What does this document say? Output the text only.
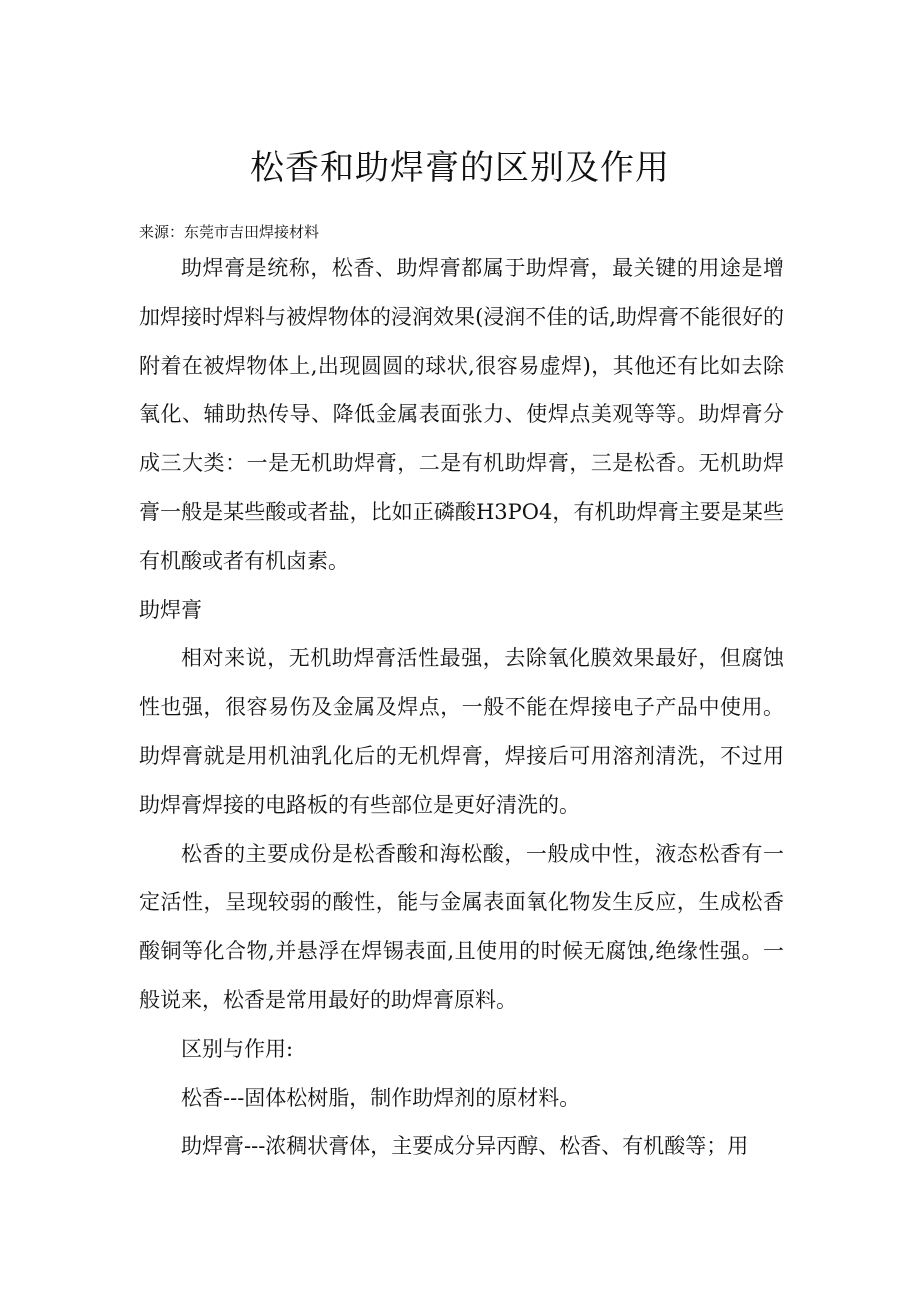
松香和助焊膏的区别及作用
来源：东莞市吉田焊接材料

助焊膏是统称，松香、助焊膏都属于助焊膏，最关键的用途是增加焊接时焊料与被焊物体的浸润效果(浸润不佳的话,助焊膏不能很好的附着在被焊物体上,出现圆圆的球状,很容易虚焊)，其他还有比如去除氧化、辅助热传导、降低金属表面张力、使焊点美观等等。助焊膏分成三大类：一是无机助焊膏，二是有机助焊膏，三是松香。无机助焊膏一般是某些酸或者盐，比如正磷酸H3PO4，有机助焊膏主要是某些有机酸或者有机卤素。

助焊膏

相对来说，无机助焊膏活性最强，去除氧化膜效果最好，但腐蚀性也强，很容易伤及金属及焊点，一般不能在焊接电子产品中使用。助焊膏就是用机油乳化后的无机焊膏，焊接后可用溶剂清洗，不过用助焊膏焊接的电路板的有些部位是更好清洗的。

松香的主要成份是松香酸和海松酸，一般成中性，液态松香有一定活性，呈现较弱的酸性，能与金属表面氧化物发生反应，生成松香酸铜等化合物,并悬浮在焊锡表面,且使用的时候无腐蚀,绝缘性强。一般说来，松香是常用最好的助焊膏原料。

区别与作用:

松香---固体松树脂，制作助焊剂的原材料。

助焊膏---浓稠状膏体，主要成分异丙醇、松香、有机酸等；用
